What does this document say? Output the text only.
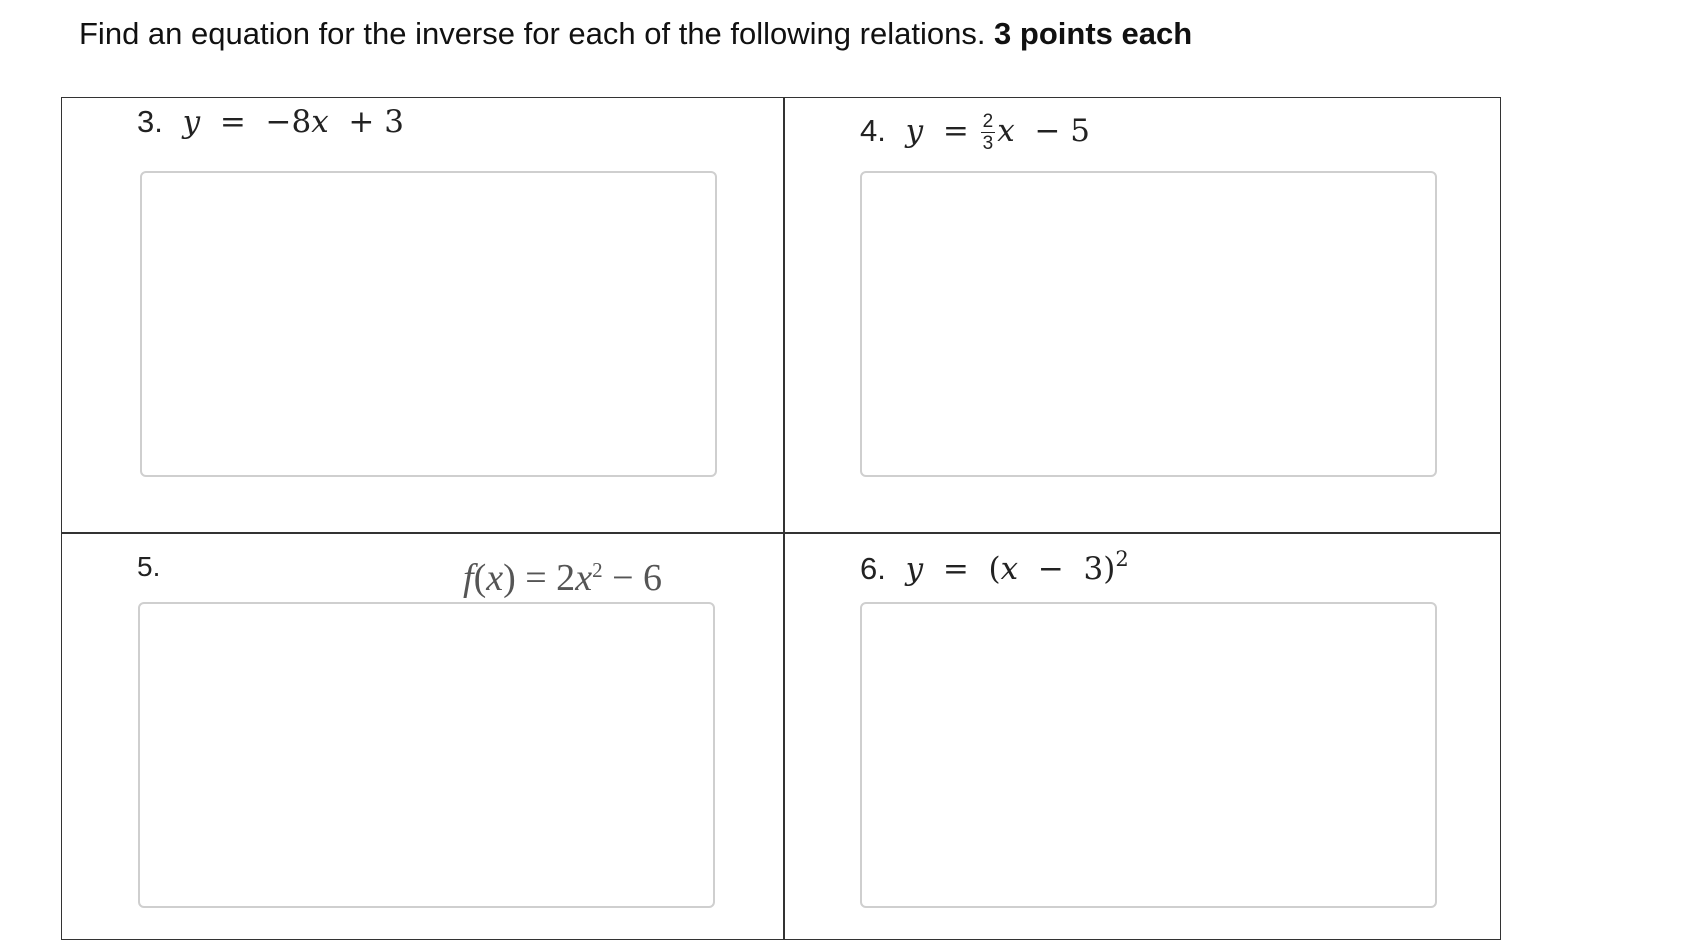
Find an equation for the inverse for each of the following relations. 3 points each
3. y = −8x + 3	4. $y = \frac{2}{3}$ x − 5
5.	$f(x) = 2x^2 - 6$	6. $y = (x - 3)^2$
